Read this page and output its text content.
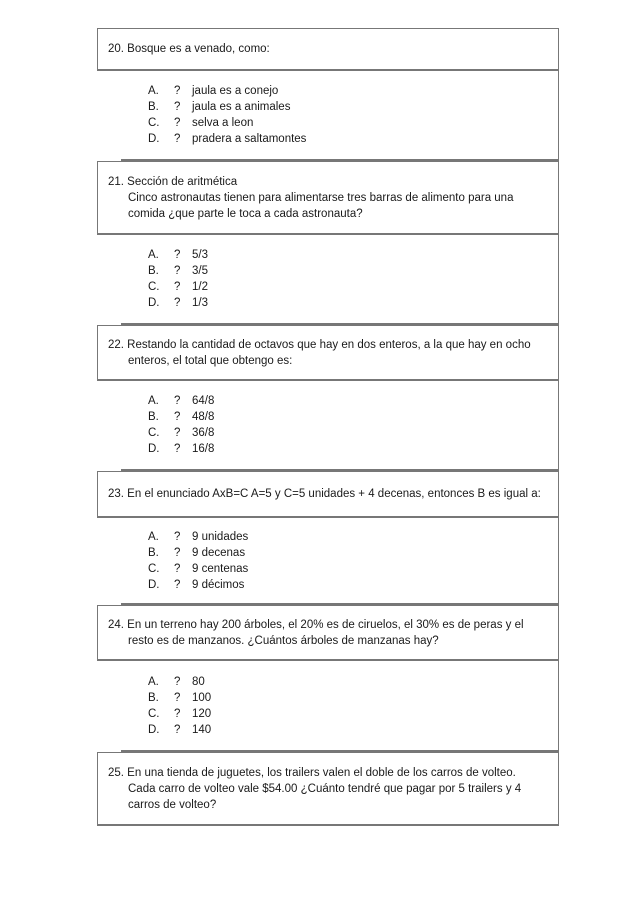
20. Bosque es a venado, como:
A.	?	jaula es a conejo
B.	?	jaula es a animales
C.	?	selva a leon
D.	?	pradera a saltamontes
21. Sección de aritmética
Cinco astronautas tienen para alimentarse tres barras de alimento para una
comida ¿que parte le toca a cada astronauta?
A.	?	5/3
B.	?	3/5
C.	?	1/2
D.	?	1/3
22. Restando la cantidad de octavos que hay en dos enteros, a la que hay en ocho
enteros, el total que obtengo es:
A.	?	64/8
B.	?	48/8
C.	?	36/8
D.	?	16/8
23. En el enunciado AxB=C A=5 y C=5 unidades + 4 decenas, entonces B es igual a:
A.	?	9 unidades
B.	?	9 decenas
C.	?	9 centenas
D.	?	9 décimos
24. En un terreno hay 200 árboles, el 20% es de ciruelos, el 30% es de peras y el
resto es de manzanos. ¿Cuántos árboles de manzanas hay?
A.	?	80
B.	?	100
C.	?	120
D.	?	140
25. En una tienda de juguetes, los trailers valen el doble de los carros de volteo.
Cada carro de volteo vale $54.00 ¿Cuánto tendré que pagar por 5 trailers y 4
carros de volteo?
